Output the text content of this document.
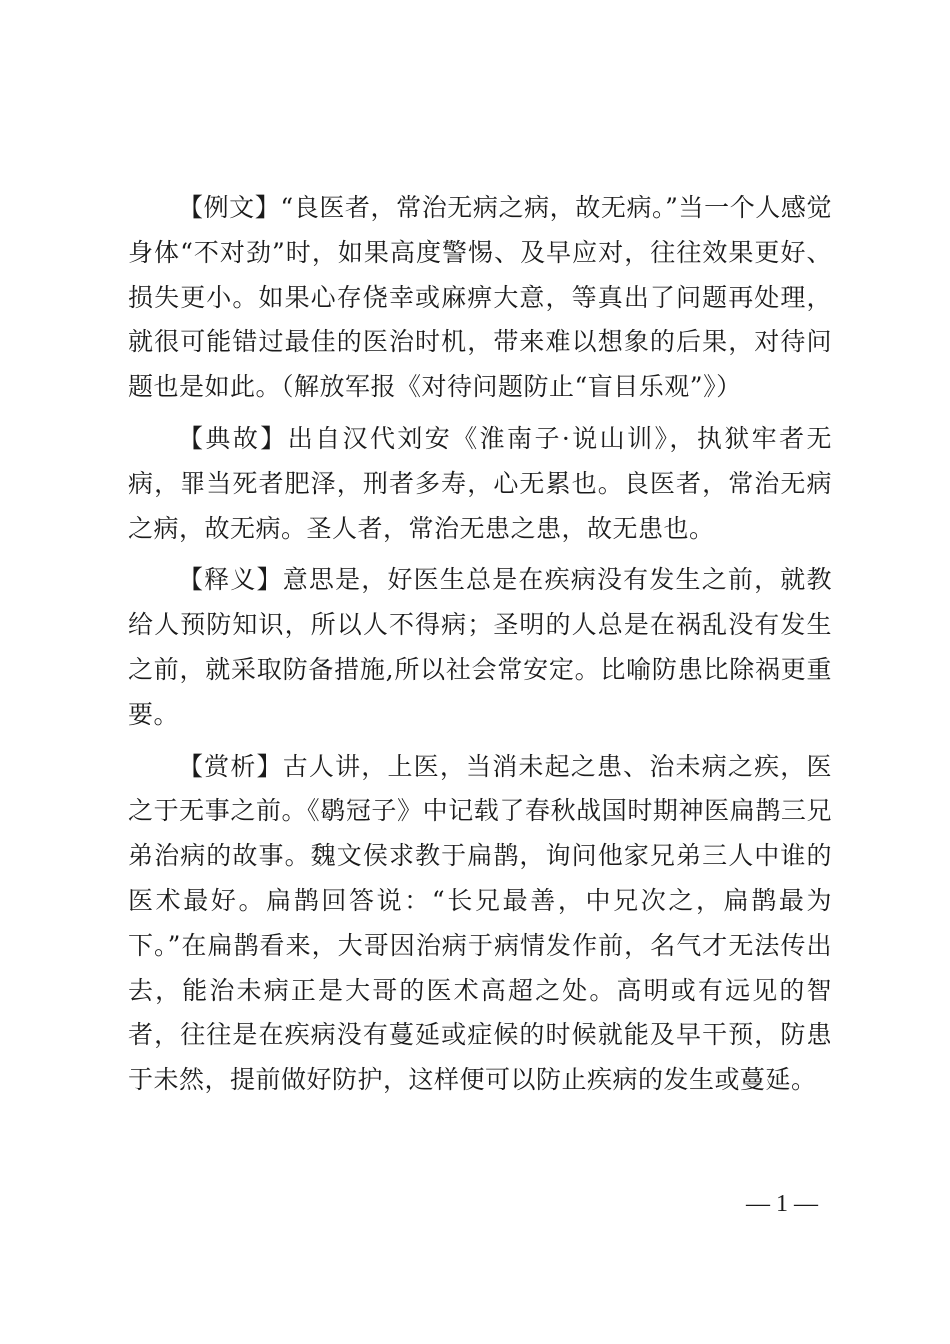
【例文】“良医者，常治无病之病，故无病。”当一个人感觉身体“不对劲”时，如果高度警惕、及早应对，往往效果更好、损失更小。如果心存侥幸或麻痹大意，等真出了问题再处理，就很可能错过最佳的医治时机，带来难以想象的后果，对待问题也是如此。（解放军报《对待问题防止“盲目乐观”》）

【典故】出自汉代刘安《淮南子·说山训》，执狱牢者无病，罪当死者肥泽，刑者多寿，心无累也。良医者，常治无病之病，故无病。圣人者，常治无患之患，故无患也。

【释义】意思是，好医生总是在疾病没有发生之前，就教给人预防知识，所以人不得病；圣明的人总是在祸乱没有发生之前，就采取防备措施,所以社会常安定。比喻防患比除祸更重要。

【赏析】古人讲，上医，当消未起之患、治未病之疾，医之于无事之前。《鹖冠子》中记载了春秋战国时期神医扁鹊三兄弟治病的故事。魏文侯求教于扁鹊，询问他家兄弟三人中谁的医术最好。扁鹊回答说：“长兄最善，中兄次之，扁鹊最为下。”在扁鹊看来，大哥因治病于病情发作前，名气才无法传出去，能治未病正是大哥的医术高超之处。高明或有远见的智者，往往是在疾病没有蔓延或症候的时候就能及早干预，防患于未然，提前做好防护，这样便可以防止疾病的发生或蔓延。

— 1 —
